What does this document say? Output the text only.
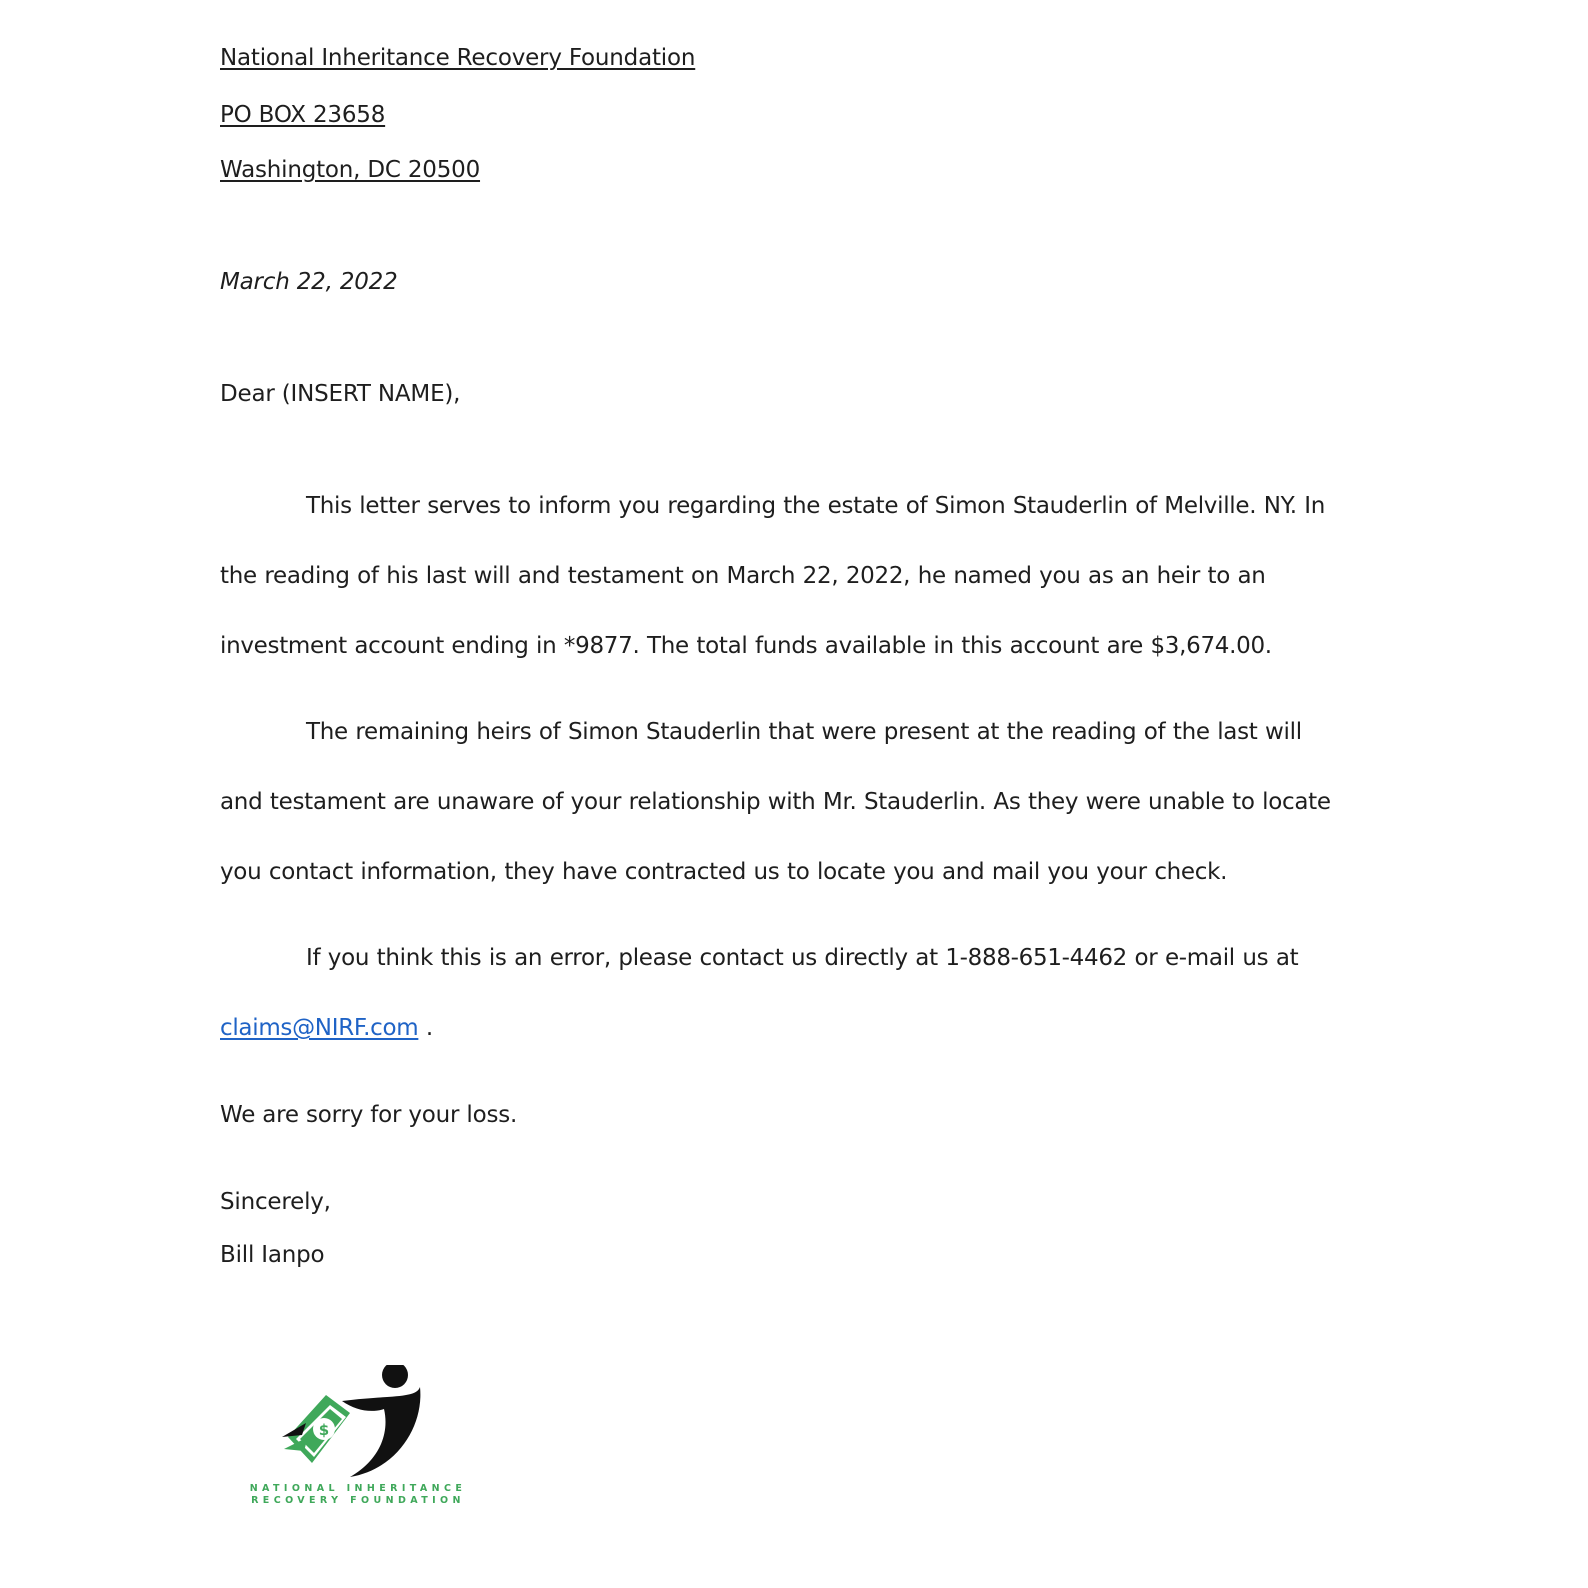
National Inheritance Recovery Foundation
PO BOX 23658
Washington, DC 20500
March 22, 2022
Dear (INSERT NAME),
This letter serves to inform you regarding the estate of Simon Stauderlin of Melville. NY. In the reading of his last will and testament on March 22, 2022, he named you as an heir to an investment account ending in *9877. The total funds available in this account are $3,674.00.
The remaining heirs of Simon Stauderlin that were present at the reading of the last will and testament are unaware of your relationship with Mr. Stauderlin. As they were unable to locate you contact information, they have contracted us to locate you and mail you your check.
If you think this is an error, please contact us directly at 1-888-651-4462 or e-mail us at claims@NIRF.com .
We are sorry for your loss.
Sincerely,
Bill Ianpo
$
NATIONAL INHERITANCE
RECOVERY FOUNDATION
